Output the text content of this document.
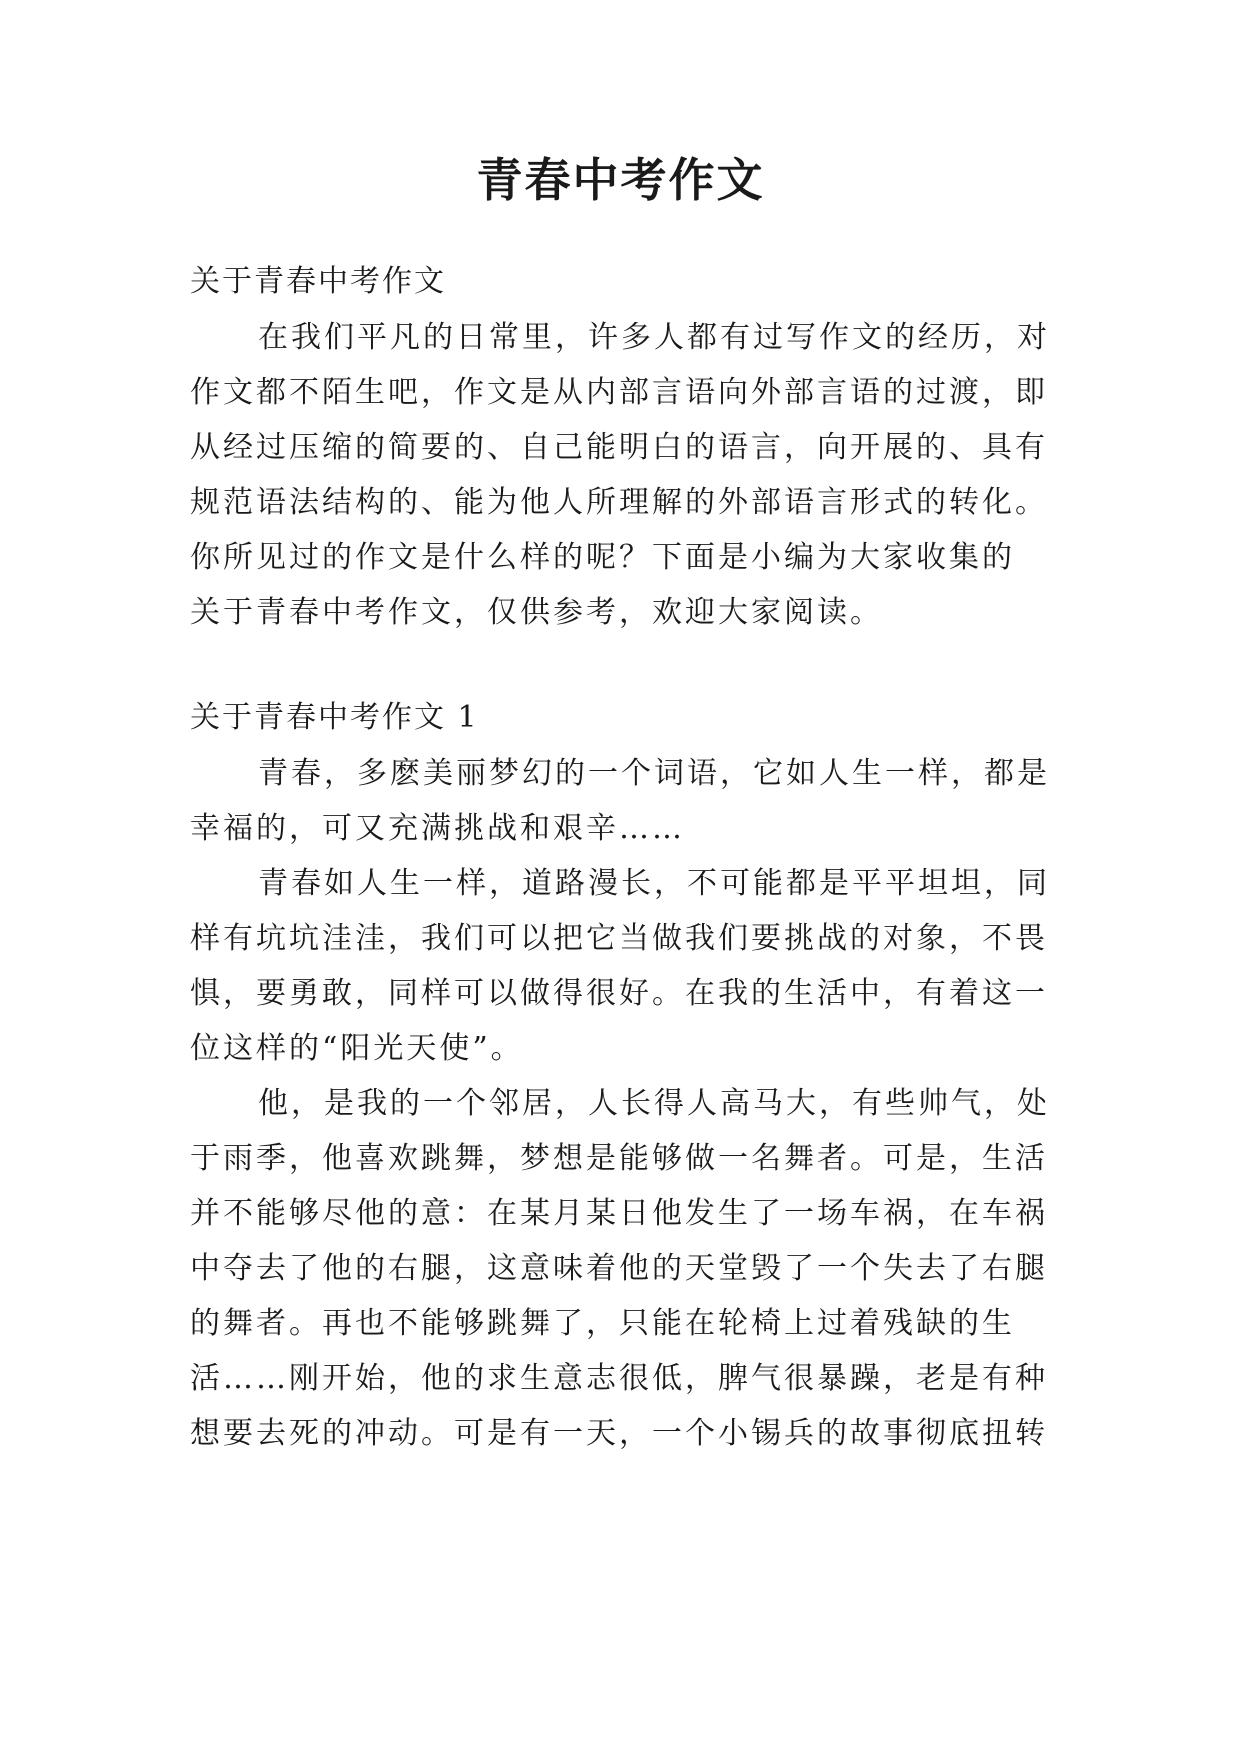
青春中考作文

关于青春中考作文

在我们平凡的日常里，许多人都有过写作文的经历，对

作文都不陌生吧，作文是从内部言语向外部言语的过渡，即

从经过压缩的简要的、自己能明白的语言，向开展的、具有

规范语法结构的、能为他人所理解的外部语言形式的转化。

你所见过的作文是什么样的呢？下面是小编为大家收集的

关于青春中考作文，仅供参考，欢迎大家阅读。

关于青春中考作文 1

青春，多麽美丽梦幻的一个词语，它如人生一样，都是

幸福的，可又充满挑战和艰辛……

青春如人生一样，道路漫长，不可能都是平平坦坦，同

样有坑坑洼洼，我们可以把它当做我们要挑战的对象，不畏

惧，要勇敢，同样可以做得很好。在我的生活中，有着这一

位这样的“阳光天使”。

他，是我的一个邻居，人长得人高马大，有些帅气，处

于雨季，他喜欢跳舞，梦想是能够做一名舞者。可是，生活

并不能够尽他的意：在某月某日他发生了一场车祸，在车祸

中夺去了他的右腿，这意味着他的天堂毁了一个失去了右腿

的舞者。再也不能够跳舞了，只能在轮椅上过着残缺的生

活……刚开始，他的求生意志很低，脾气很暴躁，老是有种

想要去死的冲动。可是有一天，一个小锡兵的故事彻底扭转
